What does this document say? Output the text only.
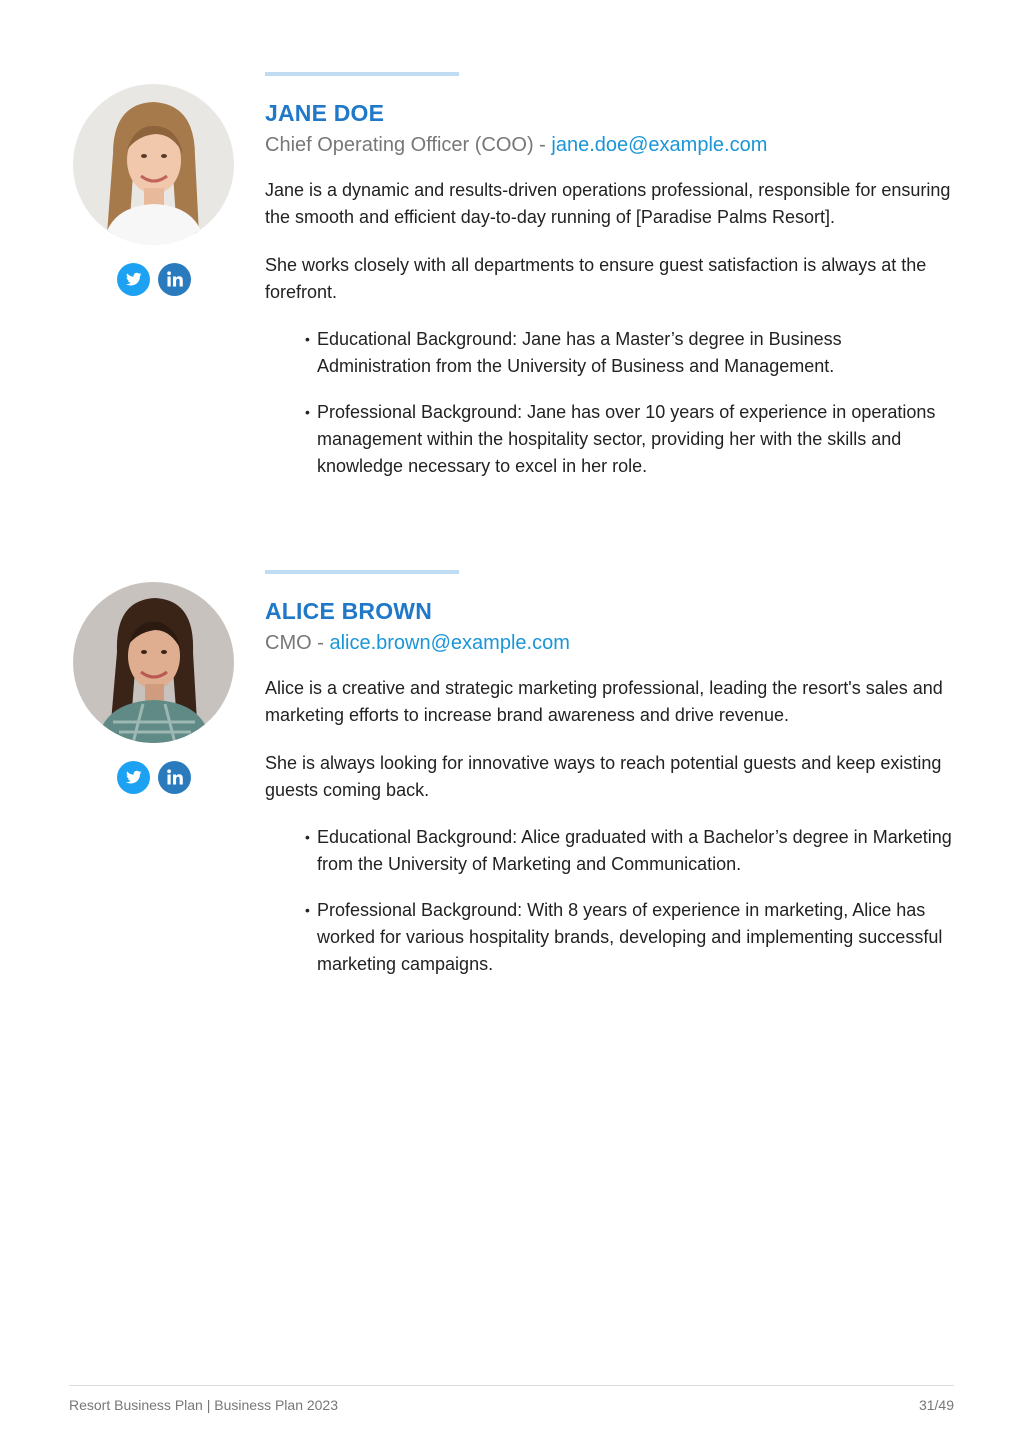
JANE DOE
Chief Operating Officer (COO) - jane.doe@example.com

Jane is a dynamic and results-driven operations professional, responsible for ensuring the smooth and efficient day-to-day running of [Paradise Palms Resort].

She works closely with all departments to ensure guest satisfaction is always at the forefront.

• Educational Background: Jane has a Master’s degree in Business Administration from the University of Business and Management.
• Professional Background: Jane has over 10 years of experience in operations management within the hospitality sector, providing her with the skills and knowledge necessary to excel in her role.
ALICE BROWN
CMO - alice.brown@example.com

Alice is a creative and strategic marketing professional, leading the resort's sales and marketing efforts to increase brand awareness and drive revenue.

She is always looking for innovative ways to reach potential guests and keep existing guests coming back.

• Educational Background: Alice graduated with a Bachelor’s degree in Marketing from the University of Marketing and Communication.
• Professional Background: With 8 years of experience in marketing, Alice has worked for various hospitality brands, developing and implementing successful marketing campaigns.
Resort Business Plan | Business Plan 2023	31/49
